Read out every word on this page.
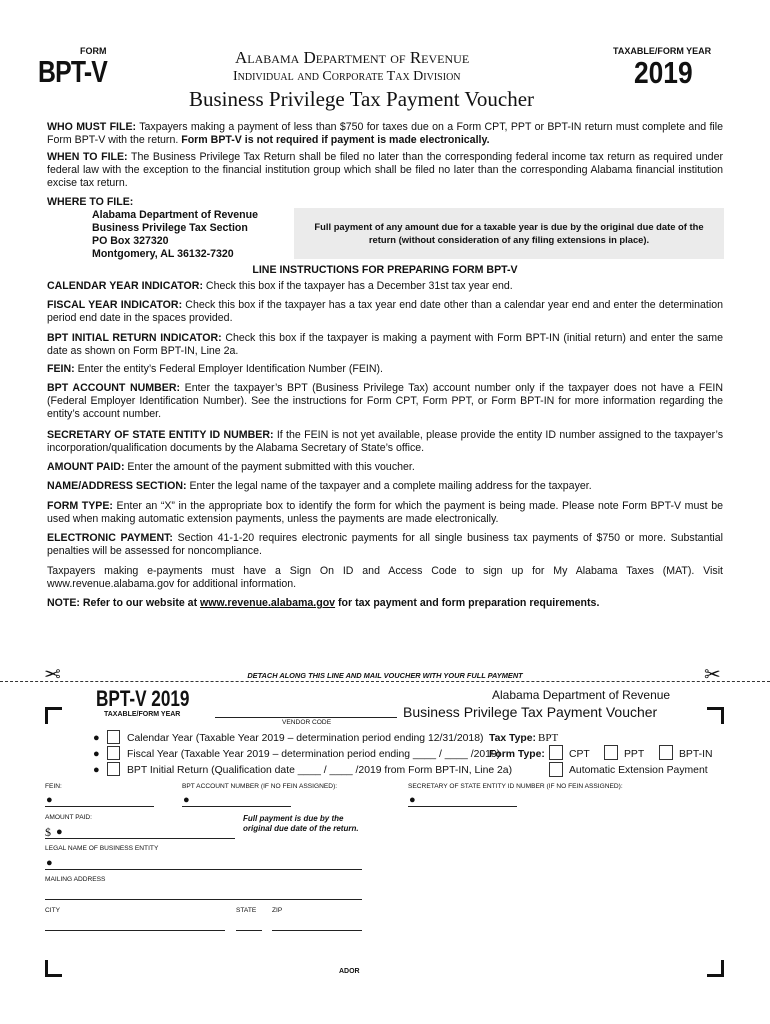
FORM
BPT-V	Alabama Department of Revenue
Individual and Corporate Tax Division
Business Privilege Tax Payment Voucher
TAXABLE/FORM YEAR
2019
WHO MUST FILE: Taxpayers making a payment of less than $750 for taxes due on a Form CPT, PPT or BPT-IN return must complete and file Form BPT-V with the return. Form BPT-V is not required if payment is made electronically.
WHEN TO FILE: The Business Privilege Tax Return shall be filed no later than the corresponding federal income tax return as required under federal law with the exception to the financial institution group which shall be filed no later than the corresponding Alabama financial institution excise tax return.
WHERE TO FILE:
Alabama Department of Revenue
Business Privilege Tax Section
PO Box 327320
Montgomery, AL 36132-7320
Full payment of any amount due for a taxable year is due by the original due date of the return (without consideration of any filing extensions in place).
LINE INSTRUCTIONS FOR PREPARING FORM BPT-V
CALENDAR YEAR INDICATOR: Check this box if the taxpayer has a December 31st tax year end.
FISCAL YEAR INDICATOR: Check this box if the taxpayer has a tax year end date other than a calendar year end and enter the determination period end date in the spaces provided.
BPT INITIAL RETURN INDICATOR: Check this box if the taxpayer is making a payment with Form BPT-IN (initial return) and enter the same date as shown on Form BPT-IN, Line 2a.
FEIN: Enter the entity’s Federal Employer Identification Number (FEIN).
BPT ACCOUNT NUMBER: Enter the taxpayer’s BPT (Business Privilege Tax) account number only if the taxpayer does not have a FEIN (Federal Employer Identification Number). See the instructions for Form CPT, Form PPT, or Form BPT-IN for more information regarding the entity’s account number.
SECRETARY OF STATE ENTITY ID NUMBER: If the FEIN is not yet available, please provide the entity ID number assigned to the taxpayer’s incorporation/qualification documents by the Alabama Secretary of State’s office.
AMOUNT PAID: Enter the amount of the payment submitted with this voucher.
NAME/ADDRESS SECTION: Enter the legal name of the taxpayer and a complete mailing address for the taxpayer.
FORM TYPE: Enter an “X” in the appropriate box to identify the form for which the payment is being made. Please note Form BPT-V must be used when making automatic extension payments, unless the payments are made electronically.
ELECTRONIC PAYMENT: Section 41-1-20 requires electronic payments for all single business tax payments of $750 or more. Substantial penalties will be assessed for noncompliance.
Taxpayers making e-payments must have a Sign On ID and Access Code to sign up for My Alabama Taxes (MAT). Visit www.revenue.alabama.gov for additional information.
NOTE: Refer to our website at www.revenue.alabama.gov for tax payment and form preparation requirements.
✂	DETACH ALONG THIS LINE AND MAIL VOUCHER WITH YOUR FULL PAYMENT	✂
BPT-V 2019
TAXABLE/FORM YEAR
VENDOR CODE
Alabama Department of Revenue
Business Privilege Tax Payment Voucher
●	Calendar Year (Taxable Year 2019 – determination period ending 12/31/2018)
●	Fiscal Year (Taxable Year 2019 – determination period ending ____ / ____ /2019)
●	BPT Initial Return (Qualification date ____ / ____ /2019 from Form BPT-IN, Line 2a)
Tax Type: BPT
Form Type: CPT	PPT	BPT-IN
Automatic Extension Payment
FEIN:	BPT ACCOUNT NUMBER (IF NO FEIN ASSIGNED):	SECRETARY OF STATE ENTITY ID NUMBER (IF NO FEIN ASSIGNED):
●	●	●
AMOUNT PAID:
$ ●
Full payment is due by the
original due date of the return.
LEGAL NAME OF BUSINESS ENTITY
●
MAILING ADDRESS
CITY	STATE ZIP
ADOR
